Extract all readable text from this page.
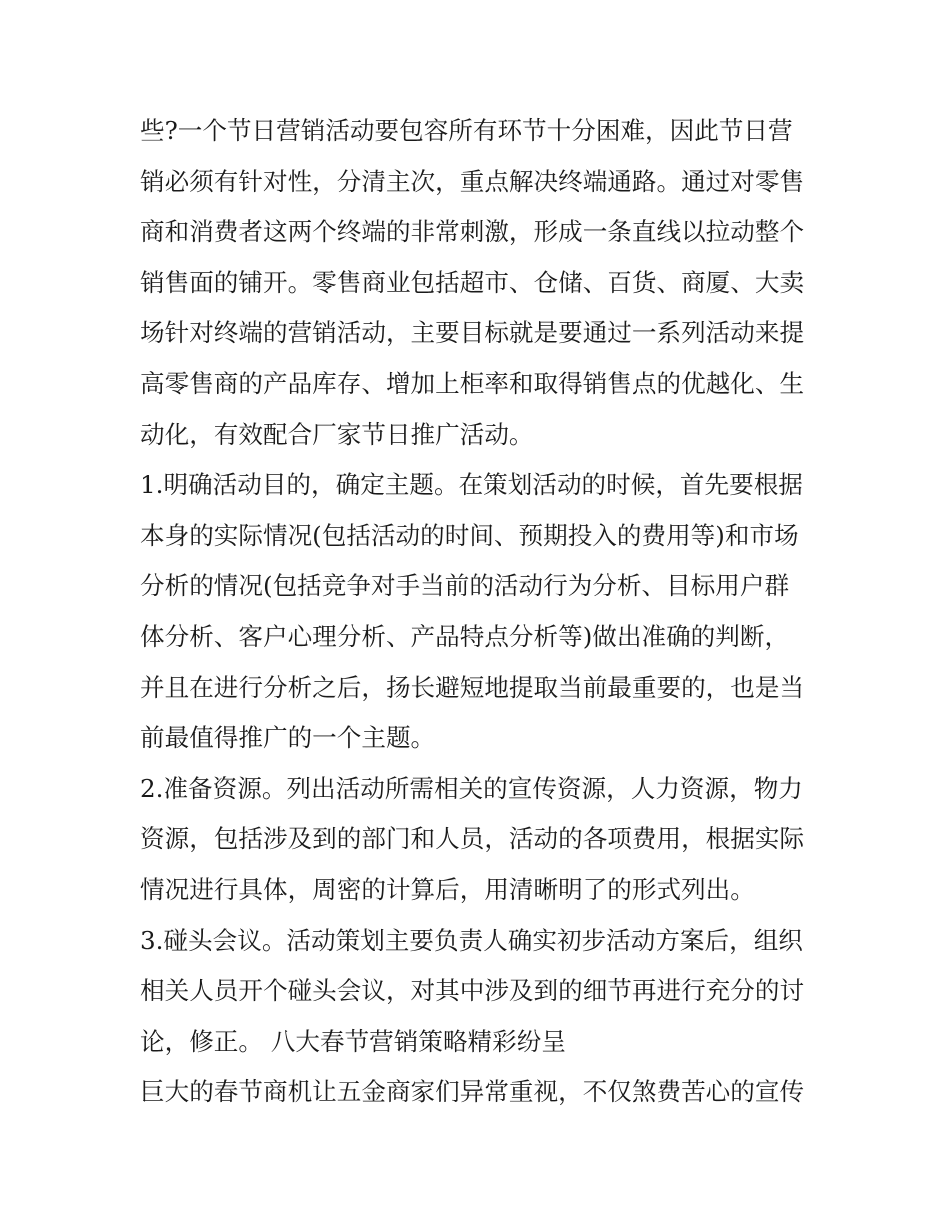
些?一个节日营销活动要包容所有环节十分困难，因此节日营
销必须有针对性，分清主次，重点解决终端通路。通过对零售
商和消费者这两个终端的非常刺激，形成一条直线以拉动整个
销售面的铺开。零售商业包括超市、仓储、百货、商厦、大卖
场针对终端的营销活动，主要目标就是要通过一系列活动来提
高零售商的产品库存、增加上柜率和取得销售点的优越化、生
动化，有效配合厂家节日推广活动。
1.明确活动目的，确定主题。在策划活动的时候，首先要根据
本身的实际情况(包括活动的时间、预期投入的费用等)和市场
分析的情况(包括竞争对手当前的活动行为分析、目标用户群
体分析、客户心理分析、产品特点分析等)做出准确的判断，
并且在进行分析之后，扬长避短地提取当前最重要的，也是当
前最值得推广的一个主题。
2.准备资源。列出活动所需相关的宣传资源，人力资源，物力
资源，包括涉及到的部门和人员，活动的各项费用，根据实际
情况进行具体，周密的计算后，用清晰明了的形式列出。
3.碰头会议。活动策划主要负责人确实初步活动方案后，组织
相关人员开个碰头会议，对其中涉及到的细节再进行充分的讨
论，修正。 八大春节营销策略精彩纷呈
巨大的春节商机让五金商家们异常重视，不仅煞费苦心的宣传
